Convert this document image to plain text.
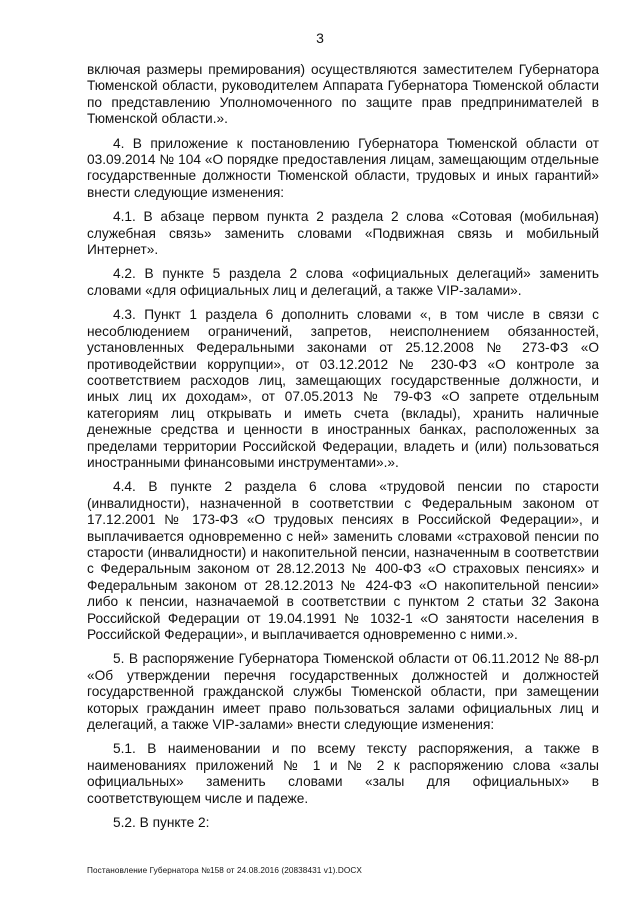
3

включая размеры премирования) осуществляются заместителем Губернатора Тюменской области, руководителем Аппарата Губернатора Тюменской области по представлению Уполномоченного по защите прав предпринимателей в Тюменской области.».

4. В приложение к постановлению Губернатора Тюменской области от 03.09.2014 № 104 «О порядке предоставления лицам, замещающим отдельные государственные должности Тюменской области, трудовых и иных гарантий» внести следующие изменения:

4.1. В абзаце первом пункта 2 раздела 2 слова «Сотовая (мобильная) служебная связь» заменить словами «Подвижная связь и мобильный Интернет».

4.2. В пункте 5 раздела 2 слова «официальных делегаций» заменить словами «для официальных лиц и делегаций, а также VIP-залами».

4.3. Пункт 1 раздела 6 дополнить словами «, в том числе в связи с несоблюдением ограничений, запретов, неисполнением обязанностей, установленных Федеральными законами от 25.12.2008 № 273-ФЗ «О противодействии коррупции», от 03.12.2012 № 230-ФЗ «О контроле за соответствием расходов лиц, замещающих государственные должности, и иных лиц их доходам», от 07.05.2013 № 79-ФЗ «О запрете отдельным категориям лиц открывать и иметь счета (вклады), хранить наличные денежные средства и ценности в иностранных банках, расположенных за пределами территории Российской Федерации, владеть и (или) пользоваться иностранными финансовыми инструментами».».

4.4. В пункте 2 раздела 6 слова «трудовой пенсии по старости (инвалидности), назначенной в соответствии с Федеральным законом от 17.12.2001 № 173-ФЗ «О трудовых пенсиях в Российской Федерации», и выплачивается одновременно с ней» заменить словами «страховой пенсии по старости (инвалидности) и накопительной пенсии, назначенным в соответствии с Федеральным законом от 28.12.2013 № 400-ФЗ «О страховых пенсиях» и Федеральным законом от 28.12.2013 № 424-ФЗ «О накопительной пенсии» либо к пенсии, назначаемой в соответствии с пунктом 2 статьи 32 Закона Российской Федерации от 19.04.1991 № 1032-1 «О занятости населения в Российской Федерации», и выплачивается одновременно с ними.».

5. В распоряжение Губернатора Тюменской области от 06.11.2012 № 88-рл «Об утверждении перечня государственных должностей и должностей государственной гражданской службы Тюменской области, при замещении которых гражданин имеет право пользоваться залами официальных лиц и делегаций, а также VIP-залами» внести следующие изменения:

5.1. В наименовании и по всему тексту распоряжения, а также в наименованиях приложений № 1 и № 2 к распоряжению слова «залы официальных» заменить словами «залы для официальных» в соответствующем числе и падеже.

5.2. В пункте 2:

Постановление Губернатора №158 от 24.08.2016 (20838431 v1).DOCX
